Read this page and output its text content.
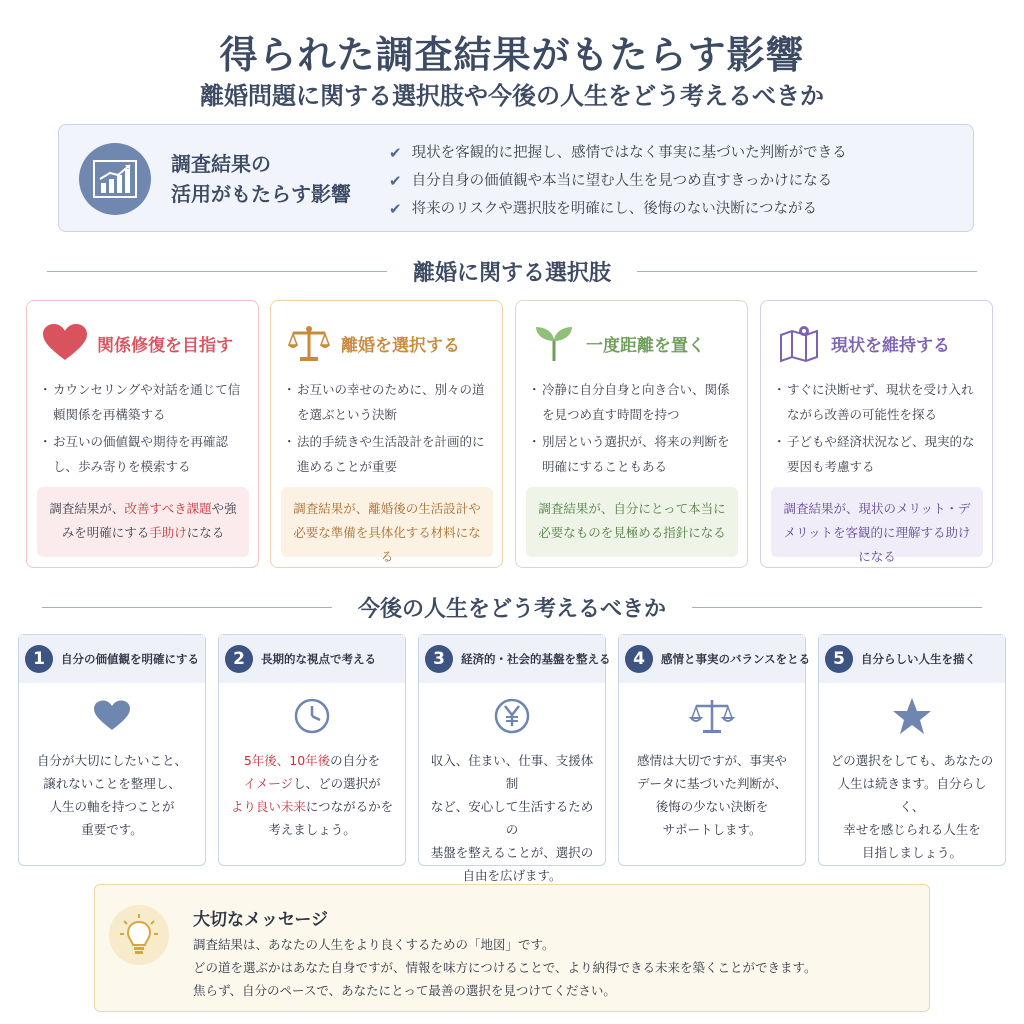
得られた調査結果がもたらす影響
離婚問題に関する選択肢や今後の人生をどう考えるべきか
調査結果の
活用がもたらす影響
✔ 現状を客観的に把握し、感情ではなく事実に基づいた判断ができる
✔ 自分自身の価値観や本当に望む人生を見つめ直すきっかけになる
✔ 将来のリスクや選択肢を明確にし、後悔のない決断につながる
離婚に関する選択肢
関係修復を目指す
・ カウンセリングや対話を通じて信頼関係を再構築する
・ お互いの価値観や期待を再確認し、歩み寄りを模索する
調査結果が、改善すべき課題や強みを明確にする手助けになる
離婚を選択する
・ お互いの幸せのために、別々の道を選ぶという決断
・ 法的手続きや生活設計を計画的に進めることが重要
調査結果が、離婚後の生活設計や必要な準備を具体化する材料になる
一度距離を置く
・ 冷静に自分自身と向き合い、関係を見つめ直す時間を持つ
・ 別居という選択が、将来の判断を明確にすることもある
調査結果が、自分にとって本当に必要なものを見極める指針になる
現状を維持する
・ すぐに決断せず、現状を受け入れながら改善の可能性を探る
・ 子どもや経済状況など、現実的な要因も考慮する
調査結果が、現状のメリット・デメリットを客観的に理解する助けになる
今後の人生をどう考えるべきか
1	自分の価値観を明確にする
自分が大切にしたいこと、
譲れないことを整理し、
人生の軸を持つことが
重要です。
2	長期的な視点で考える
5年後、10年後の自分を
イメージし、どの選択が
より良い未来につながるかを
考えましょう。
3	経済的・社会的基盤を整える
収入、住まい、仕事、支援体制
など、安心して生活するための
基盤を整えることが、選択の
自由を広げます。
4	感情と事実のバランスをとる
感情は大切ですが、事実や
データに基づいた判断が、
後悔の少ない決断を
サポートします。
5	自分らしい人生を描く
どの選択をしても、あなたの
人生は続きます。自分らしく、
幸せを感じられる人生を
目指しましょう。
大切なメッセージ
調査結果は、あなたの人生をより良くするための「地図」です。
どの道を選ぶかはあなた自身ですが、情報を味方につけることで、より納得できる未来を築くことができます。
焦らず、自分のペースで、あなたにとって最善の選択を見つけてください。
